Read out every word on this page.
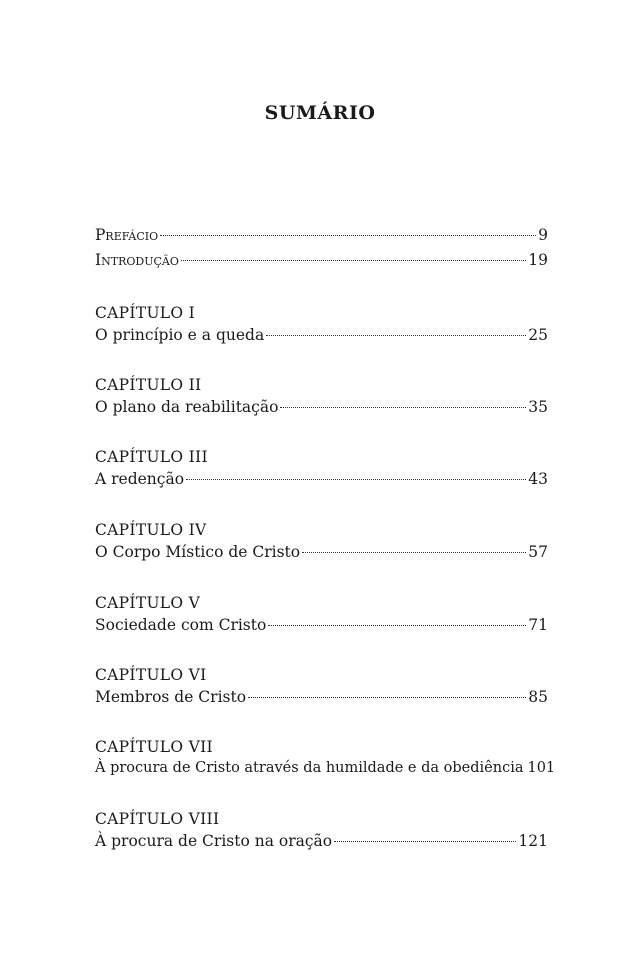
SUMÁRIO
Prefácio	9
Introdução	19
CAPÍTULO I
O princípio e a queda	25
CAPÍTULO II
O plano da reabilitação	35
CAPÍTULO III
A redenção	43
CAPÍTULO IV
O Corpo Místico de Cristo	57
CAPÍTULO V
Sociedade com Cristo	71
CAPÍTULO VI
Membros de Cristo	85
CAPÍTULO VII
À procura de Cristo através da humildade e da obediência 101
CAPÍTULO VIII
À procura de Cristo na oração	121
